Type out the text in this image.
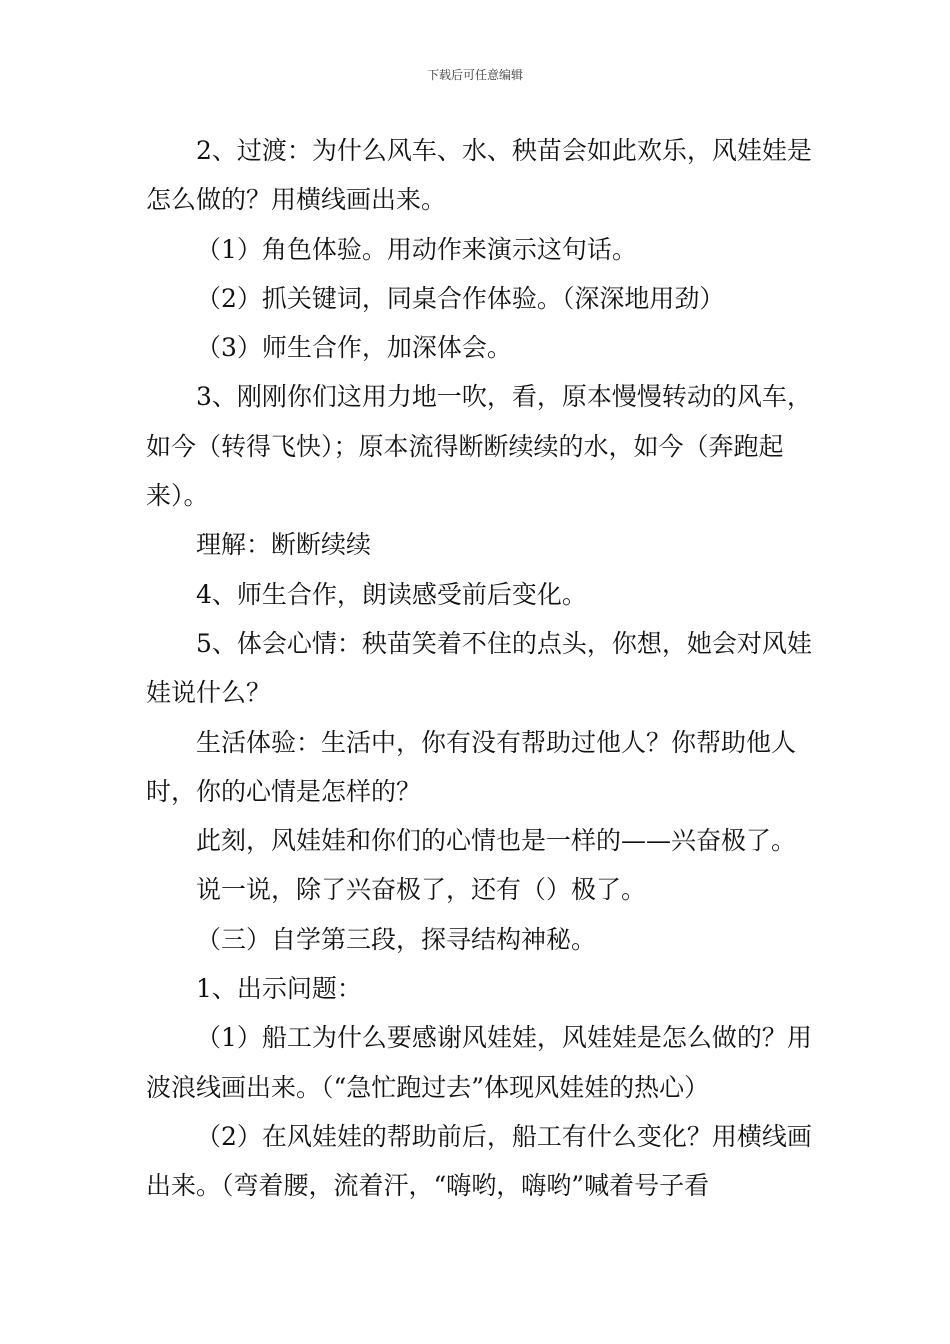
下载后可任意编辑

2、过渡：为什么风车、水、秧苗会如此欢乐，风娃娃是怎么做的？用横线画出来。

（1）角色体验。用动作来演示这句话。

（2）抓关键词，同桌合作体验。（深深地用劲）

（3）师生合作，加深体会。

3、刚刚你们这用力地一吹，看，原本慢慢转动的风车，如今（转得飞快）；原本流得断断续续的水，如今（奔跑起来）。

理解：断断续续

4、师生合作，朗读感受前后变化。

5、体会心情：秧苗笑着不住的点头，你想，她会对风娃娃说什么？

生活体验：生活中，你有没有帮助过他人？你帮助他人时，你的心情是怎样的？

此刻，风娃娃和你们的心情也是一样的——兴奋极了。

说一说，除了兴奋极了，还有（）极了。

（三）自学第三段，探寻结构神秘。

1、出示问题：

（1）船工为什么要感谢风娃娃，风娃娃是怎么做的？用波浪线画出来。（“急忙跑过去”体现风娃娃的热心）

（2）在风娃娃的帮助前后，船工有什么变化？用横线画出来。（弯着腰，流着汗，“嗨哟，嗨哟”喊着号子看
